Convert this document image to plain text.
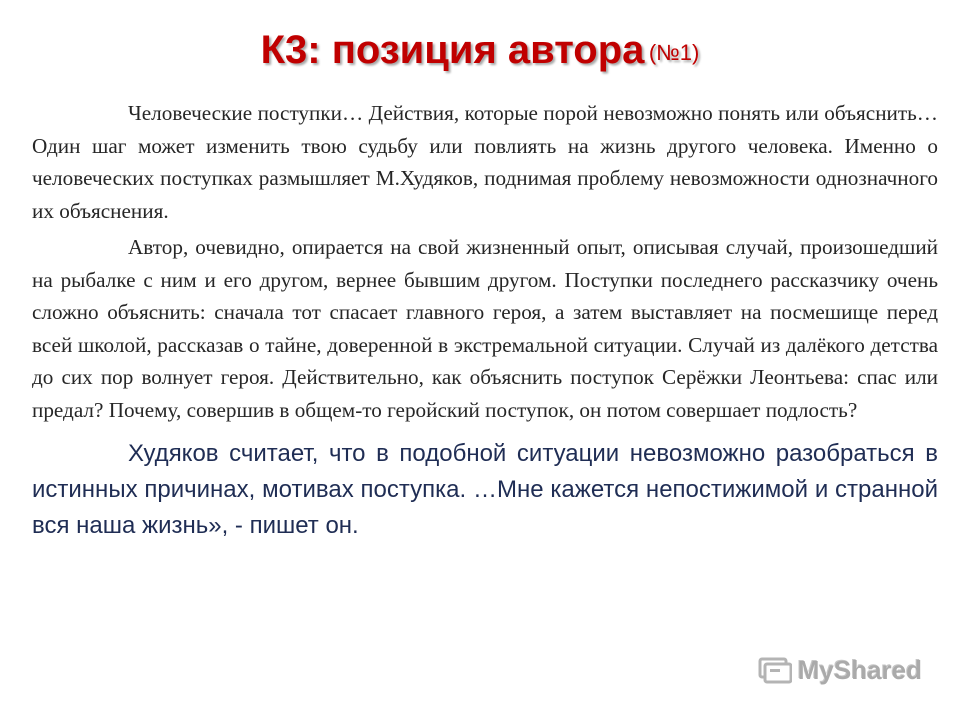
К3: позиция автора (№1)

Человеческие поступки… Действия, которые порой невозможно понять или объяснить… Один шаг может изменить твою судьбу или повлиять на жизнь другого человека. Именно о человеческих поступках размышляет М.Худяков, поднимая проблему невозможности однозначного их объяснения.

Автор, очевидно, опирается на свой жизненный опыт, описывая случай, произошедший на рыбалке с ним и его другом, вернее бывшим другом. Поступки последнего рассказчику очень сложно объяснить: сначала тот спасает главного героя, а затем выставляет на посмешище перед всей школой, рассказав о тайне, доверенной в экстремальной ситуации. Случай из далёкого детства до сих пор волнует героя. Действительно, как объяснить поступок Серёжки Леонтьева: спас или предал? Почему, совершив в общем-то геройский поступок, он потом совершает подлость?

Худяков считает, что в подобной ситуации невозможно разобраться в истинных причинах, мотивах поступка. …Мне кажется непостижимой и странной вся наша жизнь», - пишет он.

MyShared
